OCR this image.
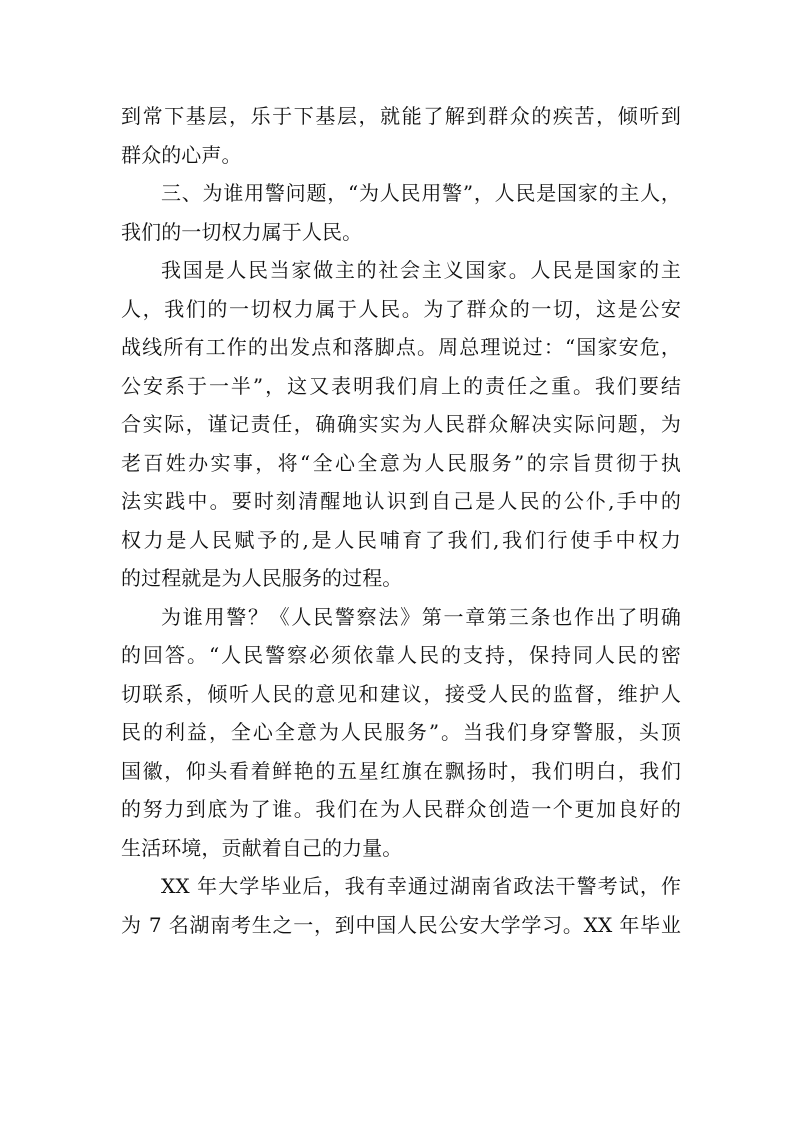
到常下基层，乐于下基层，就能了解到群众的疾苦，倾听到
群众的心声。

三、为谁用警问题，“为人民用警”，人民是国家的主人，
我们的一切权力属于人民。

我国是人民当家做主的社会主义国家。人民是国家的主
人，我们的一切权力属于人民。为了群众的一切，这是公安
战线所有工作的出发点和落脚点。周总理说过：“国家安危，
公安系于一半”，这又表明我们肩上的责任之重。我们要结
合实际，谨记责任，确确实实为人民群众解决实际问题，为
老百姓办实事，将“全心全意为人民服务”的宗旨贯彻于执
法实践中。要时刻清醒地认识到自己是人民的公仆,手中的
权力是人民赋予的,是人民哺育了我们,我们行使手中权力
的过程就是为人民服务的过程。

为谁用警？《人民警察法》第一章第三条也作出了明确
的回答。“人民警察必须依靠人民的支持，保持同人民的密
切联系，倾听人民的意见和建议，接受人民的监督，维护人
民的利益，全心全意为人民服务”。当我们身穿警服，头顶
国徽，仰头看着鲜艳的五星红旗在飘扬时，我们明白，我们
的努力到底为了谁。我们在为人民群众创造一个更加良好的
生活环境，贡献着自己的力量。

XX 年大学毕业后，我有幸通过湖南省政法干警考试，作
为 7 名湖南考生之一，到中国人民公安大学学习。XX 年毕业
